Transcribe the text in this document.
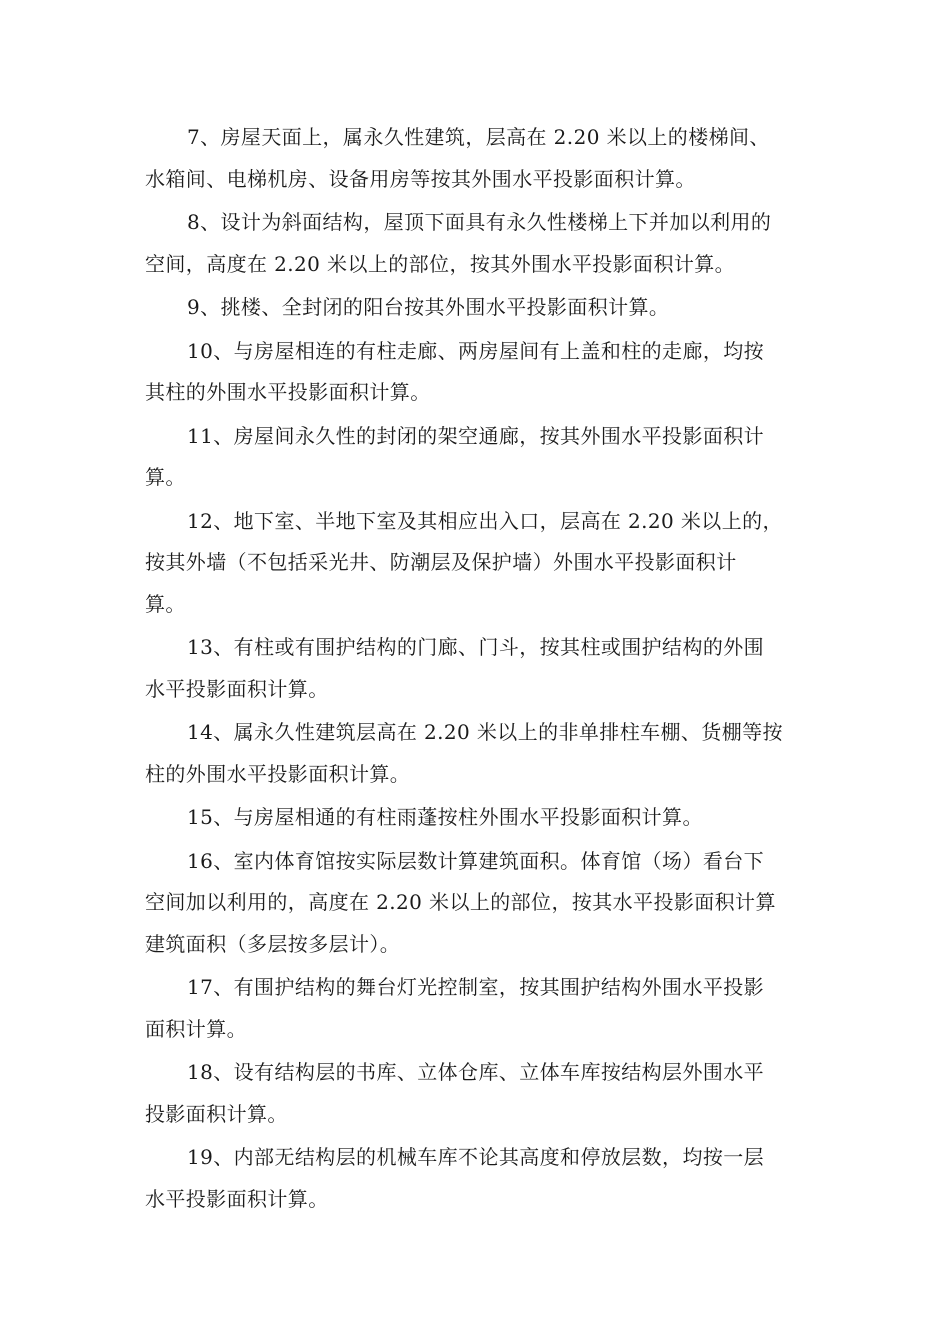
7、房屋天面上，属永久性建筑，层高在 2.20 米以上的楼梯间、
水箱间、电梯机房、设备用房等按其外围水平投影面积计算。

8、设计为斜面结构，屋顶下面具有永久性楼梯上下并加以利用的
空间，高度在 2.20 米以上的部位，按其外围水平投影面积计算。

9、挑楼、全封闭的阳台按其外围水平投影面积计算。

10、与房屋相连的有柱走廊、两房屋间有上盖和柱的走廊，均按
其柱的外围水平投影面积计算。

11、房屋间永久性的封闭的架空通廊，按其外围水平投影面积计
算。

12、地下室、半地下室及其相应出入口，层高在 2.20 米以上的，
按其外墙（不包括采光井、防潮层及保护墙）外围水平投影面积计
算。

13、有柱或有围护结构的门廊、门斗，按其柱或围护结构的外围
水平投影面积计算。

14、属永久性建筑层高在 2.20 米以上的非单排柱车棚、货棚等按
柱的外围水平投影面积计算。

15、与房屋相通的有柱雨蓬按柱外围水平投影面积计算。

16、室内体育馆按实际层数计算建筑面积。体育馆（场）看台下
空间加以利用的，高度在 2.20 米以上的部位，按其水平投影面积计算
建筑面积（多层按多层计）。

17、有围护结构的舞台灯光控制室，按其围护结构外围水平投影
面积计算。

18、设有结构层的书库、立体仓库、立体车库按结构层外围水平
投影面积计算。

19、内部无结构层的机械车库不论其高度和停放层数，均按一层
水平投影面积计算。
